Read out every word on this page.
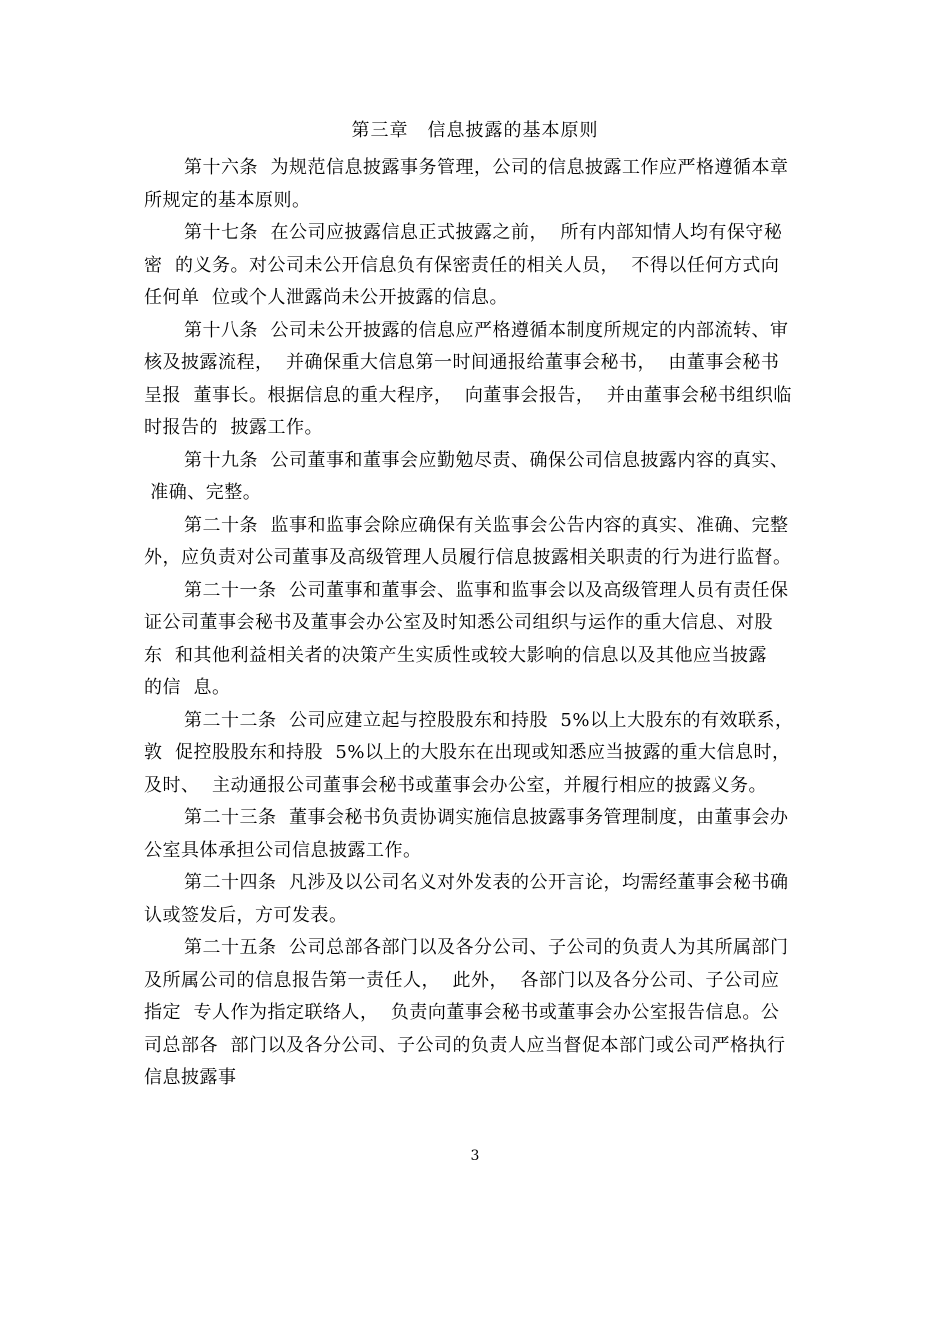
第三章　信息披露的基本原则

第十六条  为规范信息披露事务管理，公司的信息披露工作应严格遵循本章
所规定的基本原则。

第十七条  在公司应披露信息正式披露之前，  所有内部知情人均有保守秘
密  的义务。对公司未公开信息负有保密责任的相关人员，  不得以任何方式向
任何单  位或个人泄露尚未公开披露的信息。

第十八条  公司未公开披露的信息应严格遵循本制度所规定的内部流转、审
核及披露流程，  并确保重大信息第一时间通报给董事会秘书，  由董事会秘书
呈报  董事长。根据信息的重大程序，  向董事会报告，  并由董事会秘书组织临
时报告的  披露工作。

第十九条  公司董事和董事会应勤勉尽责、确保公司信息披露内容的真实、
准确、完整。

第二十条  监事和监事会除应确保有关监事会公告内容的真实、准确、完整
外，应负责对公司董事及高级管理人员履行信息披露相关职责的行为进行监督。

第二十一条  公司董事和董事会、监事和监事会以及高级管理人员有责任保
证公司董事会秘书及董事会办公室及时知悉公司组织与运作的重大信息、对股
东  和其他利益相关者的决策产生实质性或较大影响的信息以及其他应当披露
的信  息。

第二十二条  公司应建立起与控股股东和持股  5%以上大股东的有效联系，
敦  促控股股东和持股  5%以上的大股东在出现或知悉应当披露的重大信息时，
及时、  主动通报公司董事会秘书或董事会办公室，并履行相应的披露义务。

第二十三条  董事会秘书负责协调实施信息披露事务管理制度，由董事会办
公室具体承担公司信息披露工作。

第二十四条  凡涉及以公司名义对外发表的公开言论，均需经董事会秘书确
认或签发后，方可发表。

第二十五条  公司总部各部门以及各分公司、子公司的负责人为其所属部门
及所属公司的信息报告第一责任人，  此外，  各部门以及各分公司、子公司应
指定  专人作为指定联络人，  负责向董事会秘书或董事会办公室报告信息。公
司总部各  部门以及各分公司、子公司的负责人应当督促本部门或公司严格执行
信息披露事

3
